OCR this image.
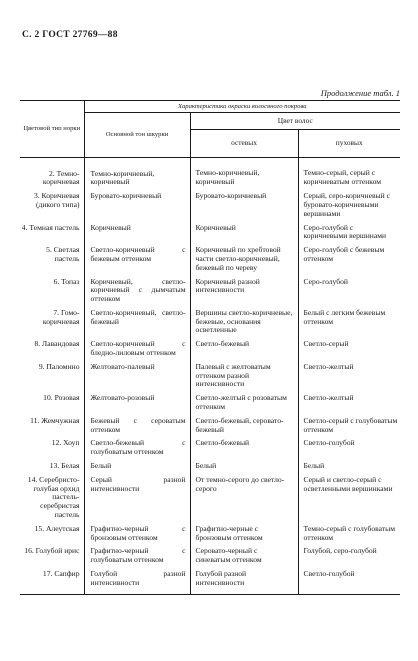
С. 2 ГОСТ 27769—88
Продолжение табл. 1
Цветовой тип норки	Характеристика окраски волосяного покрова		
	Основной тон шкурки	Цвет волос	
		остевых	пуховых

2. Темно-коричневая	Темно-коричневый, коричневый	Темно-коричневый, коричневый	Темно-серый, серый с коричневатым оттенком
3. Коричневая (дикого типа)	Буровато-коричневый	Буровато-коричневый	Серый, серо-коричневый с буровато-коричневыми вершинами
4. Темная пастель	Коричневый	Коричневый	Серо-голубой с коричневыми вершинами
5. Светлая пастель	Светло-коричневый с бежевым оттенком	Коричневый по хребтовой части светло-коричневый, бежевый по череву	Серо-голубой с бежевым оттенком
6. Топаз	Коричневый, светло-коричневый с дымчатым оттенком	Коричневый разной интенсивности	Серо-голубой
7. Гомо-коричневая	Светло-коричневый, светло-бежевый	Вершины светло-коричневые, бежевые, основания осветленные	Белый с легким бежевым оттенком
8. Лавандовая	Светло-коричневый с бледно-лиловым оттенком	Светло-бежевый	Светло-серый
9. Паломино	Желтовато-палевый	Палевый с желтоватым оттенком разной интенсивности	Светло-желтый
10. Розовая	Желтовато-розовый	Светло-желтый с розоватым оттенком	Светло-желтый
11. Жемчужная	Бежевый с сероватым оттенком	Светло-бежевый, серовато-бежевый	Светло-серый с голубоватым оттенком
12. Хоуп	Светло-бежевый с голубоватым оттенком	Светло-бежевый	Светло-голубой
13. Белая	Белый	Белый	Белый
14. Серебристо-голубая орхид пастель-серебристая пастель	Серый разной интенсивности	От темно-серого до светло-серого	Серый и светло-серый с осветленными вершинками
15. Алеутская	Графитно-черный с бронзовым оттенком	Графитно-черные с бронзовым оттенком	Темно-серый с голубоватым оттенком
16. Голубой ирис	Графитно-черный с голубоватым оттенком	Серовато-черный с синеватым оттенком	Голубой, серо-голубой
17. Сапфир	Голубой разной интенсивности	Голубой разной интенсивности	Светло-голубой
